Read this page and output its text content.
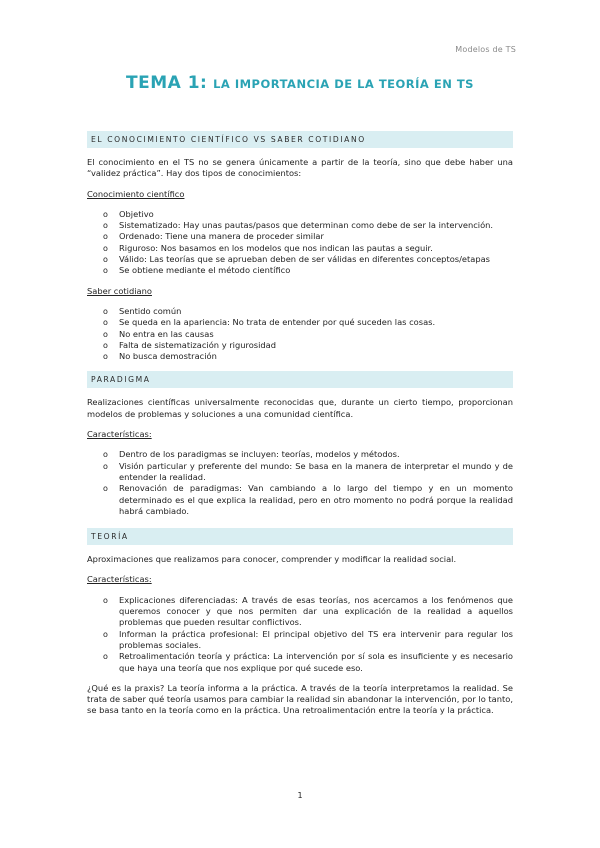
Modelos de TS
TEMA 1: LA IMPORTANCIA DE LA TEORÍA EN TS
EL CONOCIMIENTO CIENTÍFICO VS SABER COTIDIANO

El conocimiento en el TS no se genera únicamente a partir de la teoría, sino que debe haber una “validez práctica”. Hay dos tipos de conocimientos:

Conocimiento científico

o Objetivo
o Sistematizado: Hay unas pautas/pasos que determinan como debe de ser la intervención.
o Ordenado: Tiene una manera de proceder similar
o Riguroso: Nos basamos en los modelos que nos indican las pautas a seguir.
o Válido: Las teorías que se aprueban deben de ser válidas en diferentes conceptos/etapas
o Se obtiene mediante el método científico

Saber cotidiano

o Sentido común
o Se queda en la apariencia: No trata de entender por qué suceden las cosas.
o No entra en las causas
o Falta de sistematización y rigurosidad
o No busca demostración
PARADIGMA

Realizaciones científicas universalmente reconocidas que, durante un cierto tiempo, proporcionan modelos de problemas y soluciones a una comunidad científica.

Características:

o Dentro de los paradigmas se incluyen: teorías, modelos y métodos.
o Visión particular y preferente del mundo: Se basa en la manera de interpretar el mundo y de entender la realidad.
o Renovación de paradigmas: Van cambiando a lo largo del tiempo y en un momento determinado es el que explica la realidad, pero en otro momento no podrá porque la realidad habrá cambiado.
TEORÍA

Aproximaciones que realizamos para conocer, comprender y modificar la realidad social.

Características:

o Explicaciones diferenciadas: A través de esas teorías, nos acercamos a los fenómenos que queremos conocer y que nos permiten dar una explicación de la realidad a aquellos problemas que pueden resultar conflictivos.
o Informan la práctica profesional: El principal objetivo del TS era intervenir para regular los problemas sociales.
o Retroalimentación teoría y práctica: La intervención por sí sola es insuficiente y es necesario que haya una teoría que nos explique por qué sucede eso.

¿Qué es la praxis? La teoría informa a la práctica. A través de la teoría interpretamos la realidad. Se trata de saber qué teoría usamos para cambiar la realidad sin abandonar la intervención, por lo tanto, se basa tanto en la teoría como en la práctica. Una retroalimentación entre la teoría y la práctica.

1
